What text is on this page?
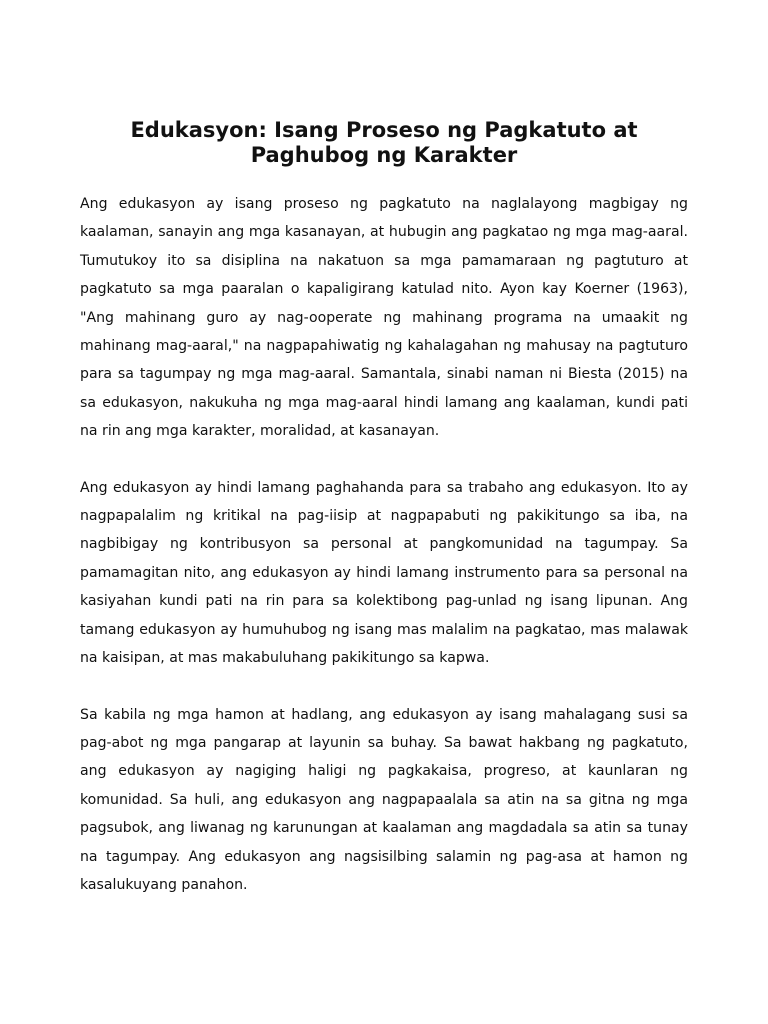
Edukasyon: Isang Proseso ng Pagkatuto at Paghubog ng Karakter

Ang edukasyon ay isang proseso ng pagkatuto na naglalayong magbigay ng kaalaman, sanayin ang mga kasanayan, at hubugin ang pagkatao ng mga mag-aaral. Tumutukoy ito sa disiplina na nakatuon sa mga pamamaraan ng pagtuturo at pagkatuto sa mga paaralan o kapaligirang katulad nito. Ayon kay Koerner (1963), "Ang mahinang guro ay nag-ooperate ng mahinang programa na umaakit ng mahinang mag-aaral," na nagpapahiwatig ng kahalagahan ng mahusay na pagtuturo para sa tagumpay ng mga mag-aaral. Samantala, sinabi naman ni Biesta (2015) na sa edukasyon, nakukuha ng mga mag-aaral hindi lamang ang kaalaman, kundi pati na rin ang mga karakter, moralidad, at kasanayan.

Ang edukasyon ay hindi lamang paghahanda para sa trabaho ang edukasyon. Ito ay nagpapalalim ng kritikal na pag-iisip at nagpapabuti ng pakikitungo sa iba, na nagbibigay ng kontribusyon sa personal at pangkomunidad na tagumpay. Sa pamamagitan nito, ang edukasyon ay hindi lamang instrumento para sa personal na kasiyahan kundi pati na rin para sa kolektibong pag-unlad ng isang lipunan. Ang tamang edukasyon ay humuhubog ng isang mas malalim na pagkatao, mas malawak na kaisipan, at mas makabuluhang pakikitungo sa kapwa.

Sa kabila ng mga hamon at hadlang, ang edukasyon ay isang mahalagang susi sa pag-abot ng mga pangarap at layunin sa buhay. Sa bawat hakbang ng pagkatuto, ang edukasyon ay nagiging haligi ng pagkakaisa, progreso, at kaunlaran ng komunidad. Sa huli, ang edukasyon ang nagpapaalala sa atin na sa gitna ng mga pagsubok, ang liwanag ng karunungan at kaalaman ang magdadala sa atin sa tunay na tagumpay. Ang edukasyon ang nagsisilbing salamin ng pag-asa at hamon ng kasalukuyang panahon.
